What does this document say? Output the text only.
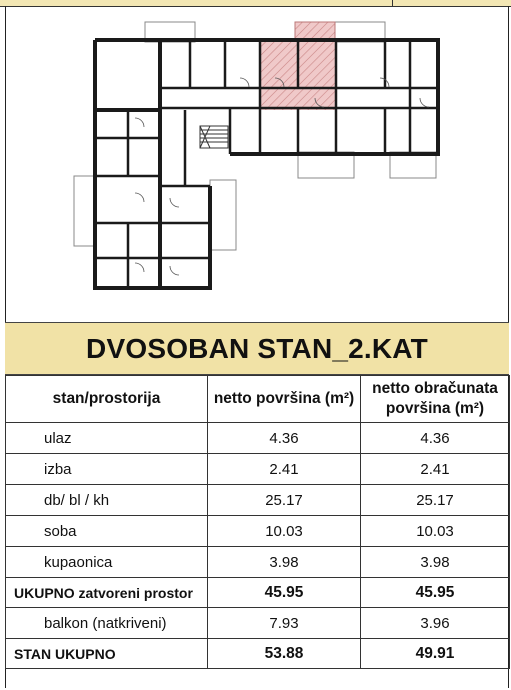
DVOSOBAN STAN_2.KAT
stan/prostorija	netto površina (m²)	netto obračunata površina (m²)
ulaz	4.36	4.36
izba	2.41	2.41
db/ bl / kh	25.17	25.17
soba	10.03	10.03
kupaonica	3.98	3.98
UKUPNO zatvoreni prostor	45.95	45.95
balkon (natkriveni)	7.93	3.96
STAN UKUPNO	53.88	49.91
